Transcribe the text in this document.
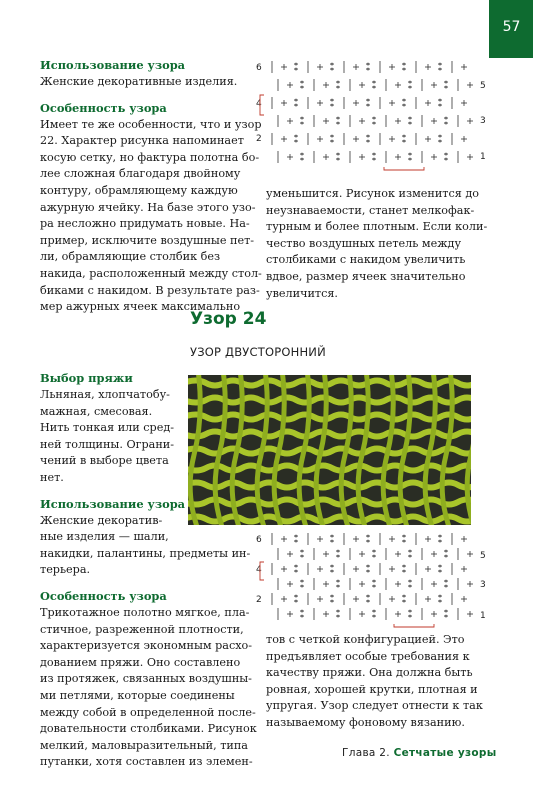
57
Использование узора
Женские декоративные изделия.
Особенность узора
Имеет те же особенности, что и узор
22. Характер рисунка напоминает
косую сетку, но фактура полотна бо-
лее сложная благодаря двойному
контуру, обрамляющему каждую
ажурную ячейку. На базе этого узо-
ра несложно придумать новые. На-
пример, исключите воздушные пет-
ли, обрамляющие столбик без
накида, расположенный между стол-
биками с накидом. В результате раз-
мер ажурных ячеек максимально
6
4
2
5
3
1
уменьшится. Рисунок изменится до
неузнаваемости, станет мелкофак-
турным и более плотным. Если коли-
чество воздушных петель между
столбиками с накидом увеличить
вдвое, размер ячеек значительно
увеличится.
Узор 24
УЗОР ДВУСТОРОННИЙ
Выбор пряжи
Льняная, хлопчатобу-
мажная, смесовая.
Нить тонкая или сред-
ней толщины. Ограни-
чений в выборе цвета
нет.
Использование узора
Женские декоратив-
ные изделия — шали,
накидки, палантины, предметы ин-
терьера.
Особенность узора
Трикотажное полотно мягкое, пла-
стичное, разреженной плотности,
характеризуется экономным расхо-
дованием пряжи. Оно составлено
из протяжек, связанных воздушны-
ми петлями, которые соединены
между собой в определенной после-
довательности столбиками. Рисунок
мелкий, маловыразительный, типа
путанки, хотя составлен из элемен-
6
4
2
5
3
1
тов с четкой конфигурацией. Это
предъявляет особые требования к
качеству пряжи. Она должна быть
ровная, хорошей крутки, плотная и
упругая. Узор следует отнести к так
называемому фоновому вязанию.
Глава 2. Сетчатые узоры
